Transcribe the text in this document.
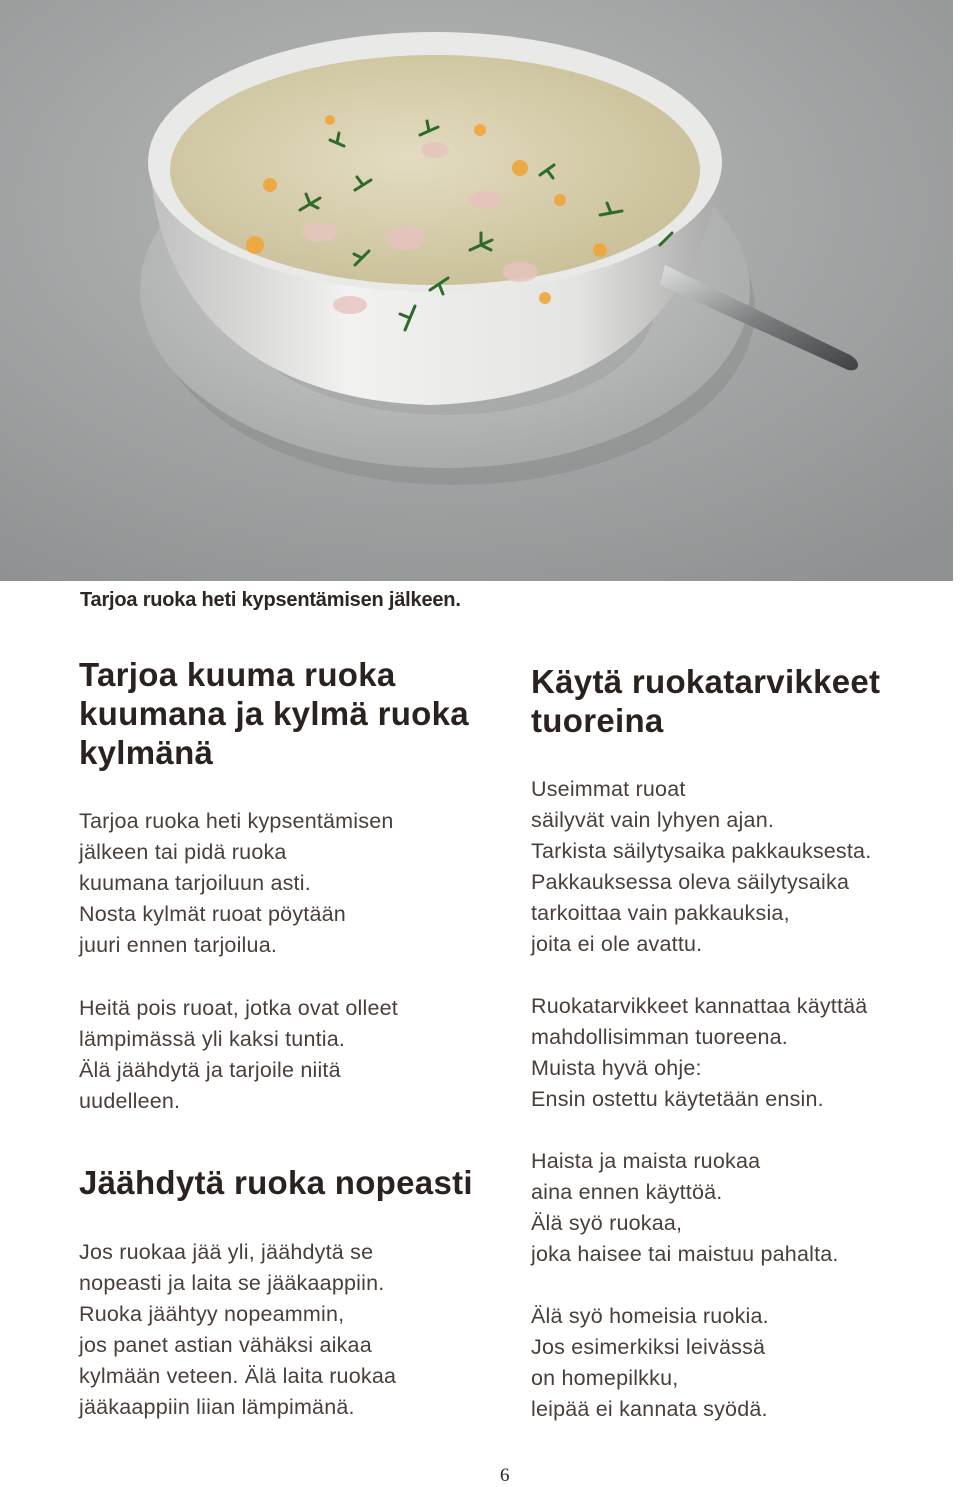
Tarjoa ruoka heti kypsentämisen jälkeen.
Tarjoa kuuma ruoka
kuumana ja kylmä ruoka
kylmänä

Tarjoa ruoka heti kypsentämisen
jälkeen tai pidä ruoka
kuumana tarjoiluun asti.
Nosta kylmät ruoat pöytään
juuri ennen tarjoilua.

Heitä pois ruoat, jotka ovat olleet
lämpimässä yli kaksi tuntia.
Älä jäähdytä ja tarjoile niitä
uudelleen.

Jäähdytä ruoka nopeasti

Jos ruokaa jää yli, jäähdytä se
nopeasti ja laita se jääkaappiin.
Ruoka jäähtyy nopeammin,
jos panet astian vähäksi aikaa
kylmään veteen. Älä laita ruokaa
jääkaappiin liian lämpimänä.

Käytä ruokatarvikkeet
tuoreina

Useimmat ruoat
säilyvät vain lyhyen ajan.
Tarkista säilytysaika pakkauksesta.
Pakkauksessa oleva säilytysaika
tarkoittaa vain pakkauksia,
joita ei ole avattu.

Ruokatarvikkeet kannattaa käyttää
mahdollisimman tuoreena.
Muista hyvä ohje:
Ensin ostettu käytetään ensin.

Haista ja maista ruokaa
aina ennen käyttöä.
Älä syö ruokaa,
joka haisee tai maistuu pahalta.

Älä syö homeisia ruokia.
Jos esimerkiksi leivässä
on homepilkku,
leipää ei kannata syödä.

6
